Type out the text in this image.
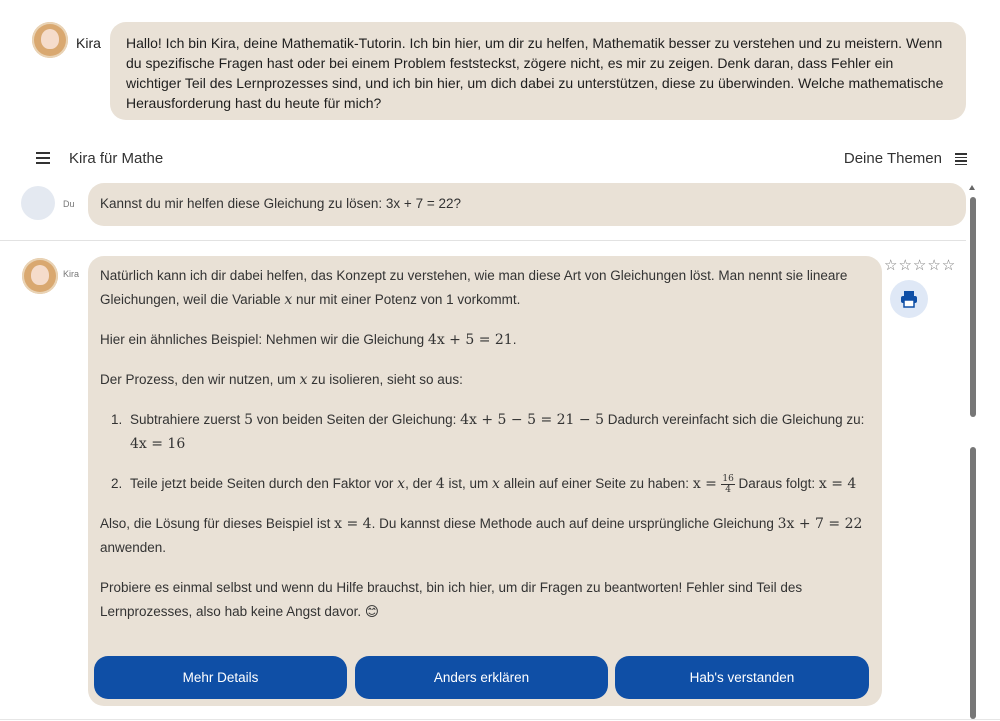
Kira	Hallo! Ich bin Kira, deine Mathematik-Tutorin. Ich bin hier, um dir zu helfen, Mathematik besser zu verstehen und zu meistern. Wenn du spezifische Fragen hast oder bei einem Problem feststeckst, zögere nicht, es mir zu zeigen. Denk daran, dass Fehler ein wichtiger Teil des Lernprozesses sind, und ich bin hier, um dich dabei zu unterstützen, diese zu überwinden. Welche mathematische Herausforderung hast du heute für mich?
Kira für Mathe	Deine Themen
Du	Kannst du mir helfen diese Gleichung zu lösen: 3x + 7 = 22?
Kira Natürlich kann ich dir dabei helfen, das Konzept zu verstehen, wie man diese Art von Gleichungen löst. Man nennt sie lineare Gleichungen, weil die Variable x nur mit einer Potenz von 1 vorkommt.

Hier ein ähnliches Beispiel: Nehmen wir die Gleichung 4x + 5 = 21.

Der Prozess, den wir nutzen, um x zu isolieren, sieht so aus:

1. Subtrahiere zuerst 5 von beiden Seiten der Gleichung: 4x + 5 − 5 = 21 − 5 Dadurch vereinfacht sich die Gleichung zu: 4x = 16
2. Teile jetzt beide Seiten durch den Faktor vor x, der 4 ist, um x allein auf einer Seite zu haben: $x = \frac{16}{4}$ Daraus folgt: x = 4

Also, die Lösung für dieses Beispiel ist x = 4. Du kannst diese Methode auch auf deine ursprüngliche Gleichung 3x + 7 = 22 anwenden.

Probiere es einmal selbst und wenn du Hilfe brauchst, bin ich hier, um dir Fragen zu beantworten! Fehler sind Teil des Lernprozesses, also hab keine Angst davor. 😊

Mehr Details	Anders erklären	Hab's verstanden
☆☆☆☆☆
